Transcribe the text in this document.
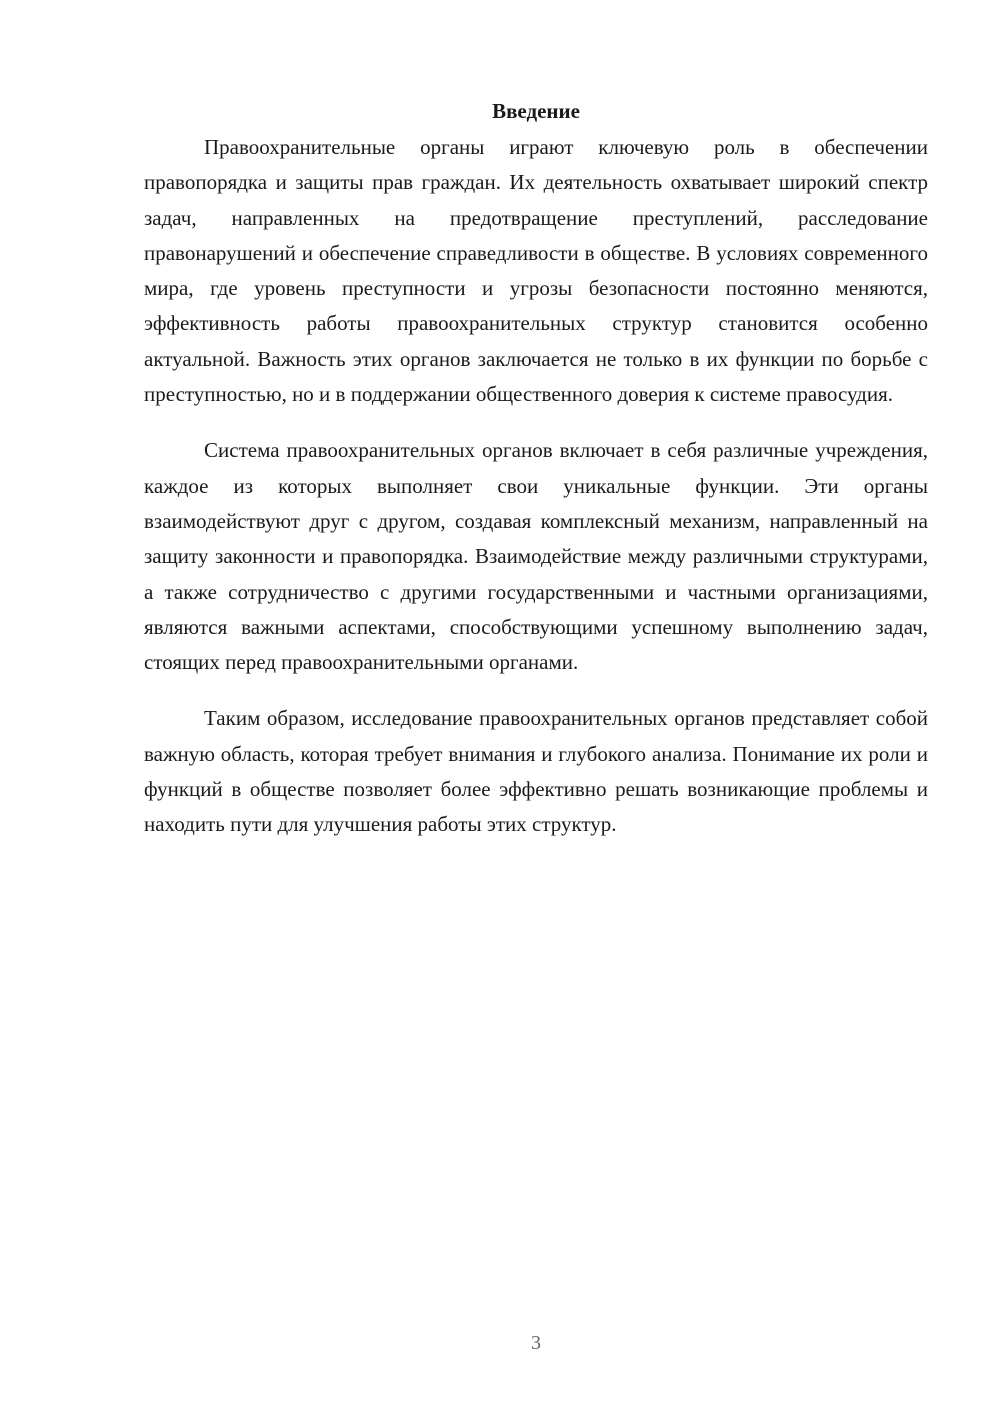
Введение

Правоохранительные органы играют ключевую роль в обеспечении правопорядка и защиты прав граждан. Их деятельность охватывает широкий спектр задач, направленных на предотвращение преступлений, расследование правонарушений и обеспечение справедливости в обществе. В условиях современного мира, где уровень преступности и угрозы безопасности постоянно меняются, эффективность работы правоохранительных структур становится особенно актуальной. Важность этих органов заключается не только в их функции по борьбе с преступностью, но и в поддержании общественного доверия к системе правосудия.

Система правоохранительных органов включает в себя различные учреждения, каждое из которых выполняет свои уникальные функции. Эти органы взаимодействуют друг с другом, создавая комплексный механизм, направленный на защиту законности и правопорядка. Взаимодействие между различными структурами, а также сотрудничество с другими государственными и частными организациями, являются важными аспектами, способствующими успешному выполнению задач, стоящих перед правоохранительными органами.

Таким образом, исследование правоохранительных органов представляет собой важную область, которая требует внимания и глубокого анализа. Понимание их роли и функций в обществе позволяет более эффективно решать возникающие проблемы и находить пути для улучшения работы этих структур.

3
